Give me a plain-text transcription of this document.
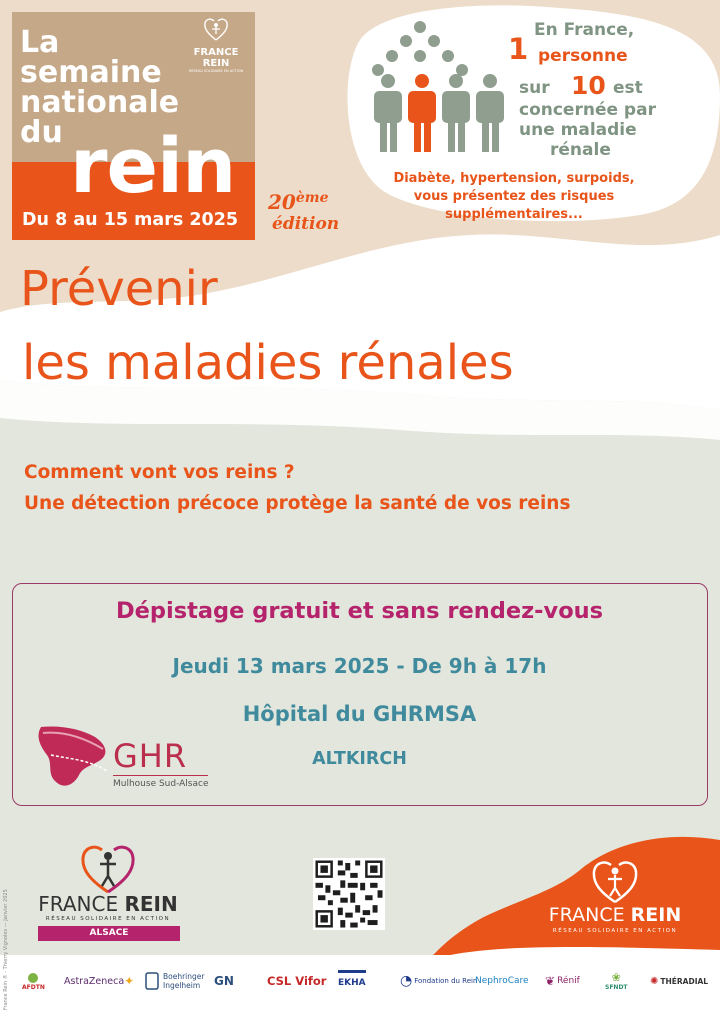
La
semaine
nationale
du rein
Du 8 au 15 mars 2025
FRANCE REIN
RÉSEAU SOLIDAIRE EN ACTION
20ème
édition
En France,
1 personne
sur 10 est
concernée par
une maladie
rénale
Diabète, hypertension, surpoids,
vous présentez des risques
supplémentaires...
Prévenir
les maladies rénales
Comment vont vos reins ?
Une détection précoce protège la santé de vos reins
Dépistage gratuit et sans rendez-vous
Jeudi 13 mars 2025 - De 9h à 17h
Hôpital du GHRMSA
ALTKIRCH
GHR
Mulhouse Sud-Alsace
FRANCE REIN
RÉSEAU SOLIDAIRE EN ACTION
ALSACE
FRANCE REIN
RÉSEAU SOLIDAIRE EN ACTION
AFDTN
AstraZeneca ✦	Boehringer
Ingelheim	GN	CSL Vifor EKHA ◔ Fondation du Rein
NephroCare ❦ Rénif	❀
SFNDT
✺ THÉRADIAL
France Rein ® - Thierry Vignoles — Janvier 2025
